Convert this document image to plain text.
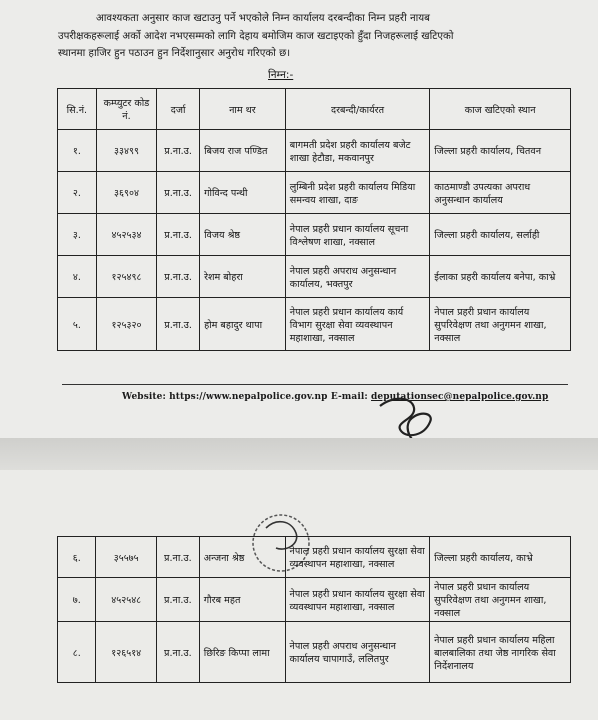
आवश्यकता अनुसार काज खटाउनु पर्ने भएकोले निम्न कार्यालय दरबन्दीका निम्न प्रहरी नायब
उपरीक्षकहरूलाई अर्को आदेश नभएसम्मको लागि देहाय बमोजिम काज खटाइएको हुँदा निजहरूलाई खटिएको
स्थानमा हाजिर हुन पठाउन हुन निर्देशानुसार अनुरोध गरिएको छ।
निम्न:-
सि.नं.	कम्प्युटर कोड नं.	दर्जा	नाम थर	दरबन्दी/कार्यरत	काज खटिएको स्थान
१.	३३४९९	प्र.ना.उ.	बिजय राज पण्डित	बागमती प्रदेश प्रहरी कार्यालय बजेट शाखा हेटौडा, मकवानपुर	जिल्ला प्रहरी कार्यालय, चितवन
२.	३६९०४	प्र.ना.उ.	गोविन्द पन्थी	लुम्बिनी प्रदेश प्रहरी कार्यालय मिडिया समन्वय शाखा, दाङ	काठमाण्डौ उपत्यका अपराध अनुसन्धान कार्यालय
३.	४५२५३४	प्र.ना.उ.	विजय श्रेष्ठ	नेपाल प्रहरी प्रधान कार्यालय सूचना विश्लेषण शाखा, नक्साल	जिल्ला प्रहरी कार्यालय, सर्लाही
४.	१२५४९८	प्र.ना.उ.	रेशम बोहरा	नेपाल प्रहरी अपराध अनुसन्धान कार्यालय, भक्तपुर	ईलाका प्रहरी कार्यालय बनेपा, काभ्रे
५.	१२५३२०	प्र.ना.उ.	होम बहादुर थापा	नेपाल प्रहरी प्रधान कार्यालय कार्य विभाग सुरक्षा सेवा व्यवस्थापन महाशाखा, नक्साल	नेपाल प्रहरी प्रधान कार्यालय सुपरिवेक्षण तथा अनुगमन शाखा, नक्साल
Website: https://www.nepalpolice.gov.np E-mail: deputationsec@nepalpolice.gov.np
६.	३५५७५	प्र.ना.उ.	अन्जना श्रेष्ठ	नेपाल प्रहरी प्रधान कार्यालय सुरक्षा सेवा व्यवस्थापन महाशाखा, नक्साल	जिल्ला प्रहरी कार्यालय, काभ्रे
७.	४५२५४८	प्र.ना.उ.	गौरब महत	नेपाल प्रहरी प्रधान कार्यालय सुरक्षा सेवा व्यवस्थापन महाशाखा, नक्साल	नेपाल प्रहरी प्रधान कार्यालय सुपरिवेक्षण तथा अनुगमन शाखा, नक्साल
८.	१२६५१४	प्र.ना.उ.	छिरिङ किप्पा लामा	नेपाल प्रहरी अपराध अनुसन्धान कार्यालय चापागाउँ, ललितपुर	नेपाल प्रहरी प्रधान कार्यालय महिला बालबालिका तथा जेष्ठ नागरिक सेवा निर्देशनालय
